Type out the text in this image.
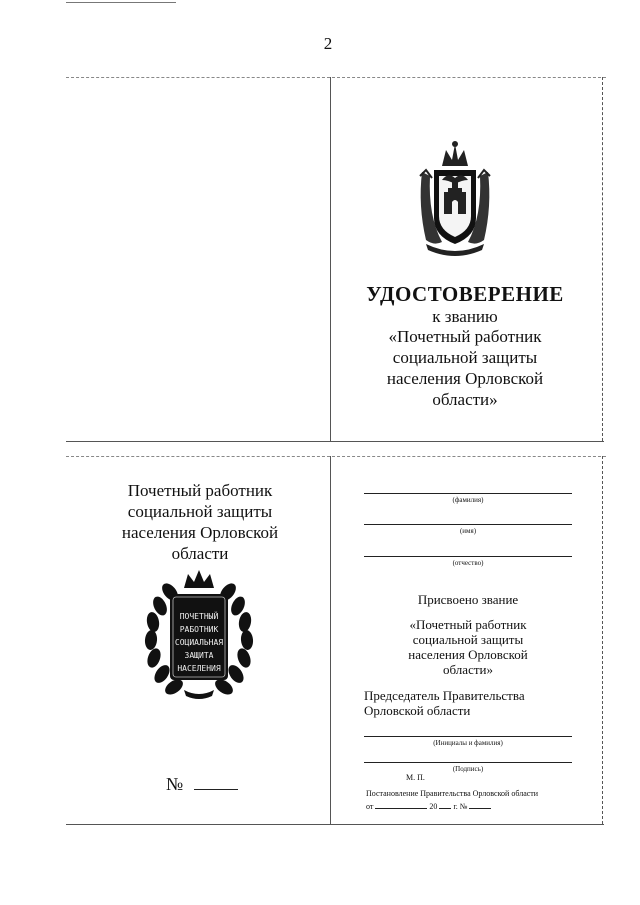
2
УДОСТОВЕРЕНИЕ
к званию
«Почетный работник
социальной защиты
населения Орловской
области»
Почетный работник
социальной защиты
населения Орловской
области
ПОЧЕТНЫЙ
РАБОТНИК
СОЦИАЛЬНАЯ
ЗАЩИТА
НАСЕЛЕНИЯ
№
(фамилия)
(имя)
(отчество)
Присвоено звание
«Почетный работник
социальной защиты
населения Орловской
области»
Председатель Правительства
Орловской области
(Инициалы и фамилия)
(Подпись)
М. П.
Постановление Правительства Орловской области
от	20 г. №
